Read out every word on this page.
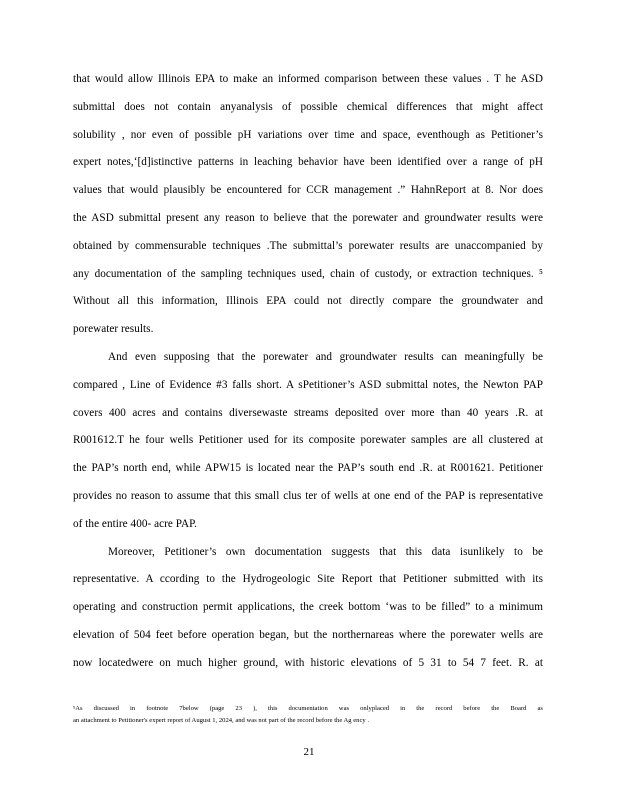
that would allow Illinois EPA to make an informed comparison between these values . T he ASD
submittal does not contain anyanalysis of possible chemical differences that might affect
solubility , nor even of possible pH variations over time and space, eventhough as Petitioner’s
expert notes,‘[d]istinctive patterns in leaching behavior have been identified over a range of pH
values that would plausibly be encountered for CCR management .” HahnReport at 8. Nor does
the ASD submittal present any reason to believe that the porewater and groundwater results were
obtained by commensurable techniques .The submittal’s porewater results are unaccompanied by
any documentation of the sampling techniques used, chain of custody, or extraction techniques. ⁵
Without all this information, Illinois EPA could not directly compare the groundwater and
porewater results.
And even supposing that the porewater and groundwater results can meaningfully be
compared , Line of Evidence #3 falls short. A sPetitioner’s ASD submittal notes, the Newton PAP
covers 400 acres and contains diversewaste streams deposited over more than 40 years .R. at
R001612.T he four wells Petitioner used for its composite porewater samples are all clustered at
the PAP’s north end, while APW15 is located near the PAP’s south end .R. at R001621. Petitioner
provides no reason to assume that this small clus ter of wells at one end of the PAP is representative
of the entire 400- acre PAP.
Moreover, Petitioner’s own documentation suggests that this data isunlikely to be
representative. A ccording to the Hydrogeologic Site Report that Petitioner submitted with its
operating and construction permit applications, the creek bottom ‘was to be filled” to a minimum
elevation of 504 feet before operation began, but the northernareas where the porewater wells are
now locatedwere on much higher ground, with historic elevations of 5 31 to 54 7 feet. R. at
⁵As discussed in footnote 7below (page 23 ), this documentation was onlyplaced in the record before the Board as
an attachment to Petitioner's expert report of August 1, 2024, and was not part of the record before the Ag ency .
21
